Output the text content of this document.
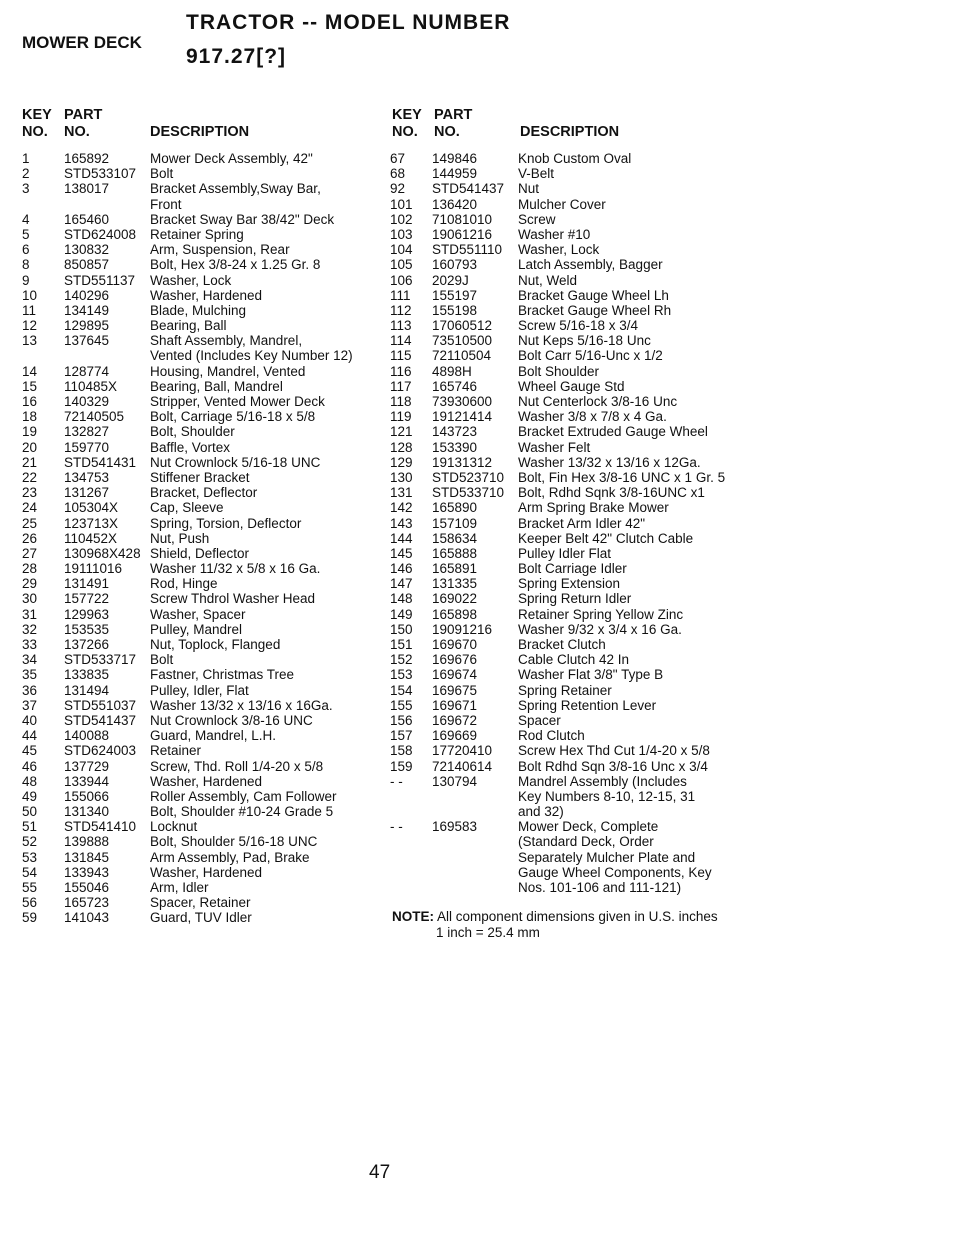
TRACTOR -- MODEL NUMBER 917.27[?]
MOWER DECK
KEY PART
NO. NO.	DESCRIPTION
1	165892	Mower Deck Assembly, 42"
2	STD533107 Bolt
3	138017	Bracket Assembly,Sway Bar,
Front
4	165460	Bracket Sway Bar 38/42" Deck
5	STD624008 Retainer Spring
6	130832	Arm, Suspension, Rear
8	850857	Bolt, Hex 3/8-24 x 1.25 Gr. 8
9	STD551137 Washer, Lock
10 140296	Washer, Hardened
11 134149	Blade, Mulching
12 129895	Bearing, Ball
13 137645	Shaft Assembly, Mandrel,
Vented (Includes Key Number 12)
14 128774	Housing, Mandrel, Vented
15 110485X Bearing, Ball, Mandrel
16 140329	Stripper, Vented Mower Deck
18 72140505 Bolt, Carriage 5/16-18 x 5/8
19 132827	Bolt, Shoulder
20 159770	Baffle, Vortex
21 STD541431 Nut Crownlock 5/16-18 UNC
22 134753	Stiffener Bracket
23 131267	Bracket, Deflector
24 105304X Cap, Sleeve
25 123713X Spring, Torsion, Deflector
26 110452X Nut, Push
27 130968X428 Shield, Deflector
28 19111016 Washer 11/32 x 5/8 x 16 Ga.
29 131491	Rod, Hinge
30 157722	Screw Thdrol Washer Head
31 129963	Washer, Spacer
32 153535	Pulley, Mandrel
33 137266	Nut, Toplock, Flanged
34 STD533717 Bolt
35 133835	Fastner, Christmas Tree
36 131494	Pulley, Idler, Flat
37 STD551037 Washer 13/32 x 13/16 x 16Ga.
40 STD541437 Nut Crownlock 3/8-16 UNC
44 140088	Guard, Mandrel, L.H.
45 STD624003 Retainer
46 137729	Screw, Thd. Roll 1/4-20 x 5/8
48 133944	Washer, Hardened
49 155066	Roller Assembly, Cam Follower
50 131340	Bolt, Shoulder #10-24 Grade 5
51 STD541410 Locknut
52 139888	Bolt, Shoulder 5/16-18 UNC
53 131845	Arm Assembly, Pad, Brake
54 133943	Washer, Hardened
55 155046	Arm, Idler
56 165723	Spacer, Retainer
59 141043	Guard, TUV Idler
KEY PART
NO. NO.	DESCRIPTION
67 149846	Knob Custom Oval
68 144959	V-Belt
92 STD541437 Nut
101 136420	Mulcher Cover
102 71081010 Screw
103 19061216 Washer #10
104 STD551110 Washer, Lock
105 160793	Latch Assembly, Bagger
106 2029J	Nut, Weld
111 155197	Bracket Gauge Wheel Lh
112 155198	Bracket Gauge Wheel Rh
113 17060512 Screw 5/16-18 x 3/4
114 73510500 Nut Keps 5/16-18 Unc
115 72110504 Bolt Carr 5/16-Unc x 1/2
116 4898H	Bolt Shoulder
117 165746	Wheel Gauge Std
118 73930600 Nut Centerlock 3/8-16 Unc
119 19121414 Washer 3/8 x 7/8 x 4 Ga.
121 143723	Bracket Extruded Gauge Wheel
128 153390	Washer Felt
129 19131312 Washer 13/32 x 13/16 x 12Ga.
130 STD523710 Bolt, Fin Hex 3/8-16 UNC x 1 Gr. 5
131 STD533710 Bolt, Rdhd Sqnk 3/8-16UNC x1
142 165890	Arm Spring Brake Mower
143 157109	Bracket Arm Idler 42"
144 158634	Keeper Belt 42" Clutch Cable
145 165888	Pulley Idler Flat
146 165891	Bolt Carriage Idler
147 131335	Spring Extension
148 169022	Spring Return Idler
149 165898	Retainer Spring Yellow Zinc
150 19091216 Washer 9/32 x 3/4 x 16 Ga.
151 169670	Bracket Clutch
152 169676	Cable Clutch 42 In
153 169674	Washer Flat 3/8" Type B
154 169675	Spring Retainer
155 169671	Spring Retention Lever
156 169672	Spacer
157 169669	Rod Clutch
158 17720410 Screw Hex Thd Cut 1/4-20 x 5/8
159 72140614 Bolt Rdhd Sqn 3/8-16 Unc x 3/4
- - 130794	Mandrel Assembly (Includes
Key Numbers 8-10, 12-15, 31
and 32)
- - 169583	Mower Deck, Complete
(Standard Deck, Order
Separately Mulcher Plate and
Gauge Wheel Components, Key
Nos. 101-106 and 111-121)
NOTE: All component dimensions given in U.S. inches
1 inch = 25.4 mm
47
